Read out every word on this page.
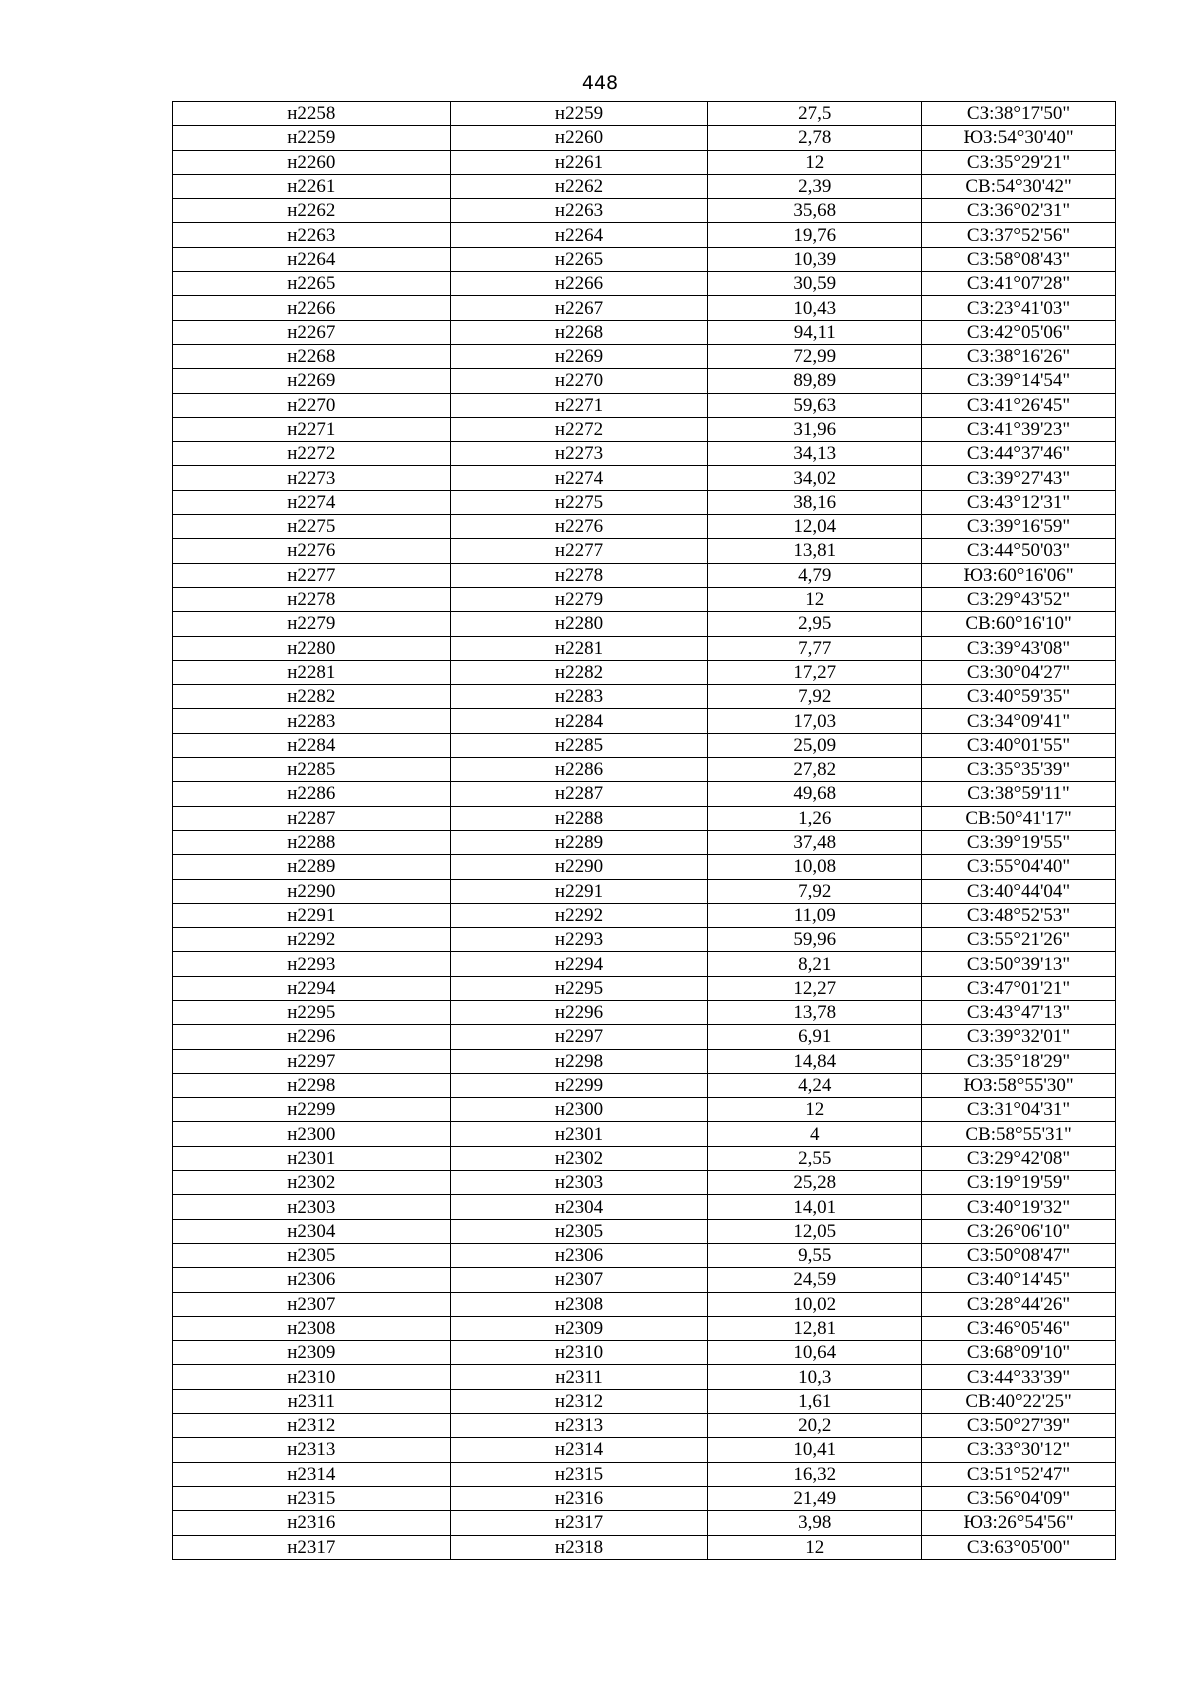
448
н2258	н2259	27,5	СЗ:38°17'50"
н2259	н2260	2,78	ЮЗ:54°30'40"
н2260	н2261	12	СЗ:35°29'21"
н2261	н2262	2,39	СВ:54°30'42"
н2262	н2263	35,68	СЗ:36°02'31"
н2263	н2264	19,76	СЗ:37°52'56"
н2264	н2265	10,39	СЗ:58°08'43"
н2265	н2266	30,59	СЗ:41°07'28"
н2266	н2267	10,43	СЗ:23°41'03"
н2267	н2268	94,11	СЗ:42°05'06"
н2268	н2269	72,99	СЗ:38°16'26"
н2269	н2270	89,89	СЗ:39°14'54"
н2270	н2271	59,63	СЗ:41°26'45"
н2271	н2272	31,96	СЗ:41°39'23"
н2272	н2273	34,13	СЗ:44°37'46"
н2273	н2274	34,02	СЗ:39°27'43"
н2274	н2275	38,16	СЗ:43°12'31"
н2275	н2276	12,04	СЗ:39°16'59"
н2276	н2277	13,81	СЗ:44°50'03"
н2277	н2278	4,79	ЮЗ:60°16'06"
н2278	н2279	12	СЗ:29°43'52"
н2279	н2280	2,95	СВ:60°16'10"
н2280	н2281	7,77	СЗ:39°43'08"
н2281	н2282	17,27	СЗ:30°04'27"
н2282	н2283	7,92	СЗ:40°59'35"
н2283	н2284	17,03	СЗ:34°09'41"
н2284	н2285	25,09	СЗ:40°01'55"
н2285	н2286	27,82	СЗ:35°35'39"
н2286	н2287	49,68	СЗ:38°59'11"
н2287	н2288	1,26	СВ:50°41'17"
н2288	н2289	37,48	СЗ:39°19'55"
н2289	н2290	10,08	СЗ:55°04'40"
н2290	н2291	7,92	СЗ:40°44'04"
н2291	н2292	11,09	СЗ:48°52'53"
н2292	н2293	59,96	СЗ:55°21'26"
н2293	н2294	8,21	СЗ:50°39'13"
н2294	н2295	12,27	СЗ:47°01'21"
н2295	н2296	13,78	СЗ:43°47'13"
н2296	н2297	6,91	СЗ:39°32'01"
н2297	н2298	14,84	СЗ:35°18'29"
н2298	н2299	4,24	ЮЗ:58°55'30"
н2299	н2300	12	СЗ:31°04'31"
н2300	н2301	4	СВ:58°55'31"
н2301	н2302	2,55	СЗ:29°42'08"
н2302	н2303	25,28	СЗ:19°19'59"
н2303	н2304	14,01	СЗ:40°19'32"
н2304	н2305	12,05	СЗ:26°06'10"
н2305	н2306	9,55	СЗ:50°08'47"
н2306	н2307	24,59	СЗ:40°14'45"
н2307	н2308	10,02	СЗ:28°44'26"
н2308	н2309	12,81	СЗ:46°05'46"
н2309	н2310	10,64	СЗ:68°09'10"
н2310	н2311	10,3	СЗ:44°33'39"
н2311	н2312	1,61	СВ:40°22'25"
н2312	н2313	20,2	СЗ:50°27'39"
н2313	н2314	10,41	СЗ:33°30'12"
н2314	н2315	16,32	СЗ:51°52'47"
н2315	н2316	21,49	СЗ:56°04'09"
н2316	н2317	3,98	ЮЗ:26°54'56"
н2317	н2318	12	СЗ:63°05'00"
